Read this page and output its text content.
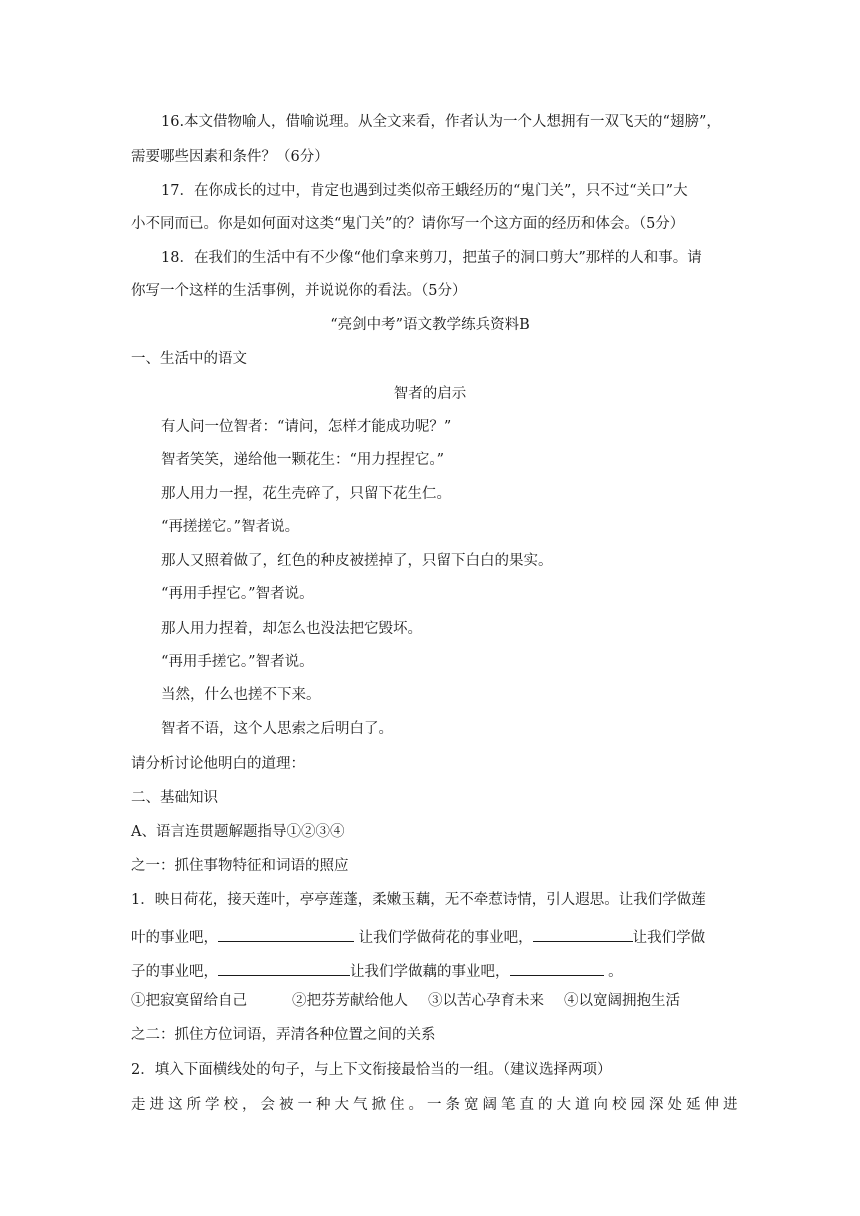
16.本文借物喻人，借喻说理。从全文来看，作者认为一个人想拥有一双飞天的“翅膀”，
需要哪些因素和条件？（6分）
17．在你成长的过中，肯定也遇到过类似帝王蛾经历的“鬼门关”，只不过“关口”大
小不同而已。你是如何面对这类“鬼门关”的？请你写一个这方面的经历和体会。（5分）
18．在我们的生活中有不少像“他们拿来剪刀，把茧子的洞口剪大”那样的人和事。请
你写一个这样的生活事例，并说说你的看法。（5分）
“亮剑中考”语文教学练兵资料B
一、生活中的语文
智者的启示
有人问一位智者：“请问，怎样才能成功呢？”
智者笑笑，递给他一颗花生：“用力捏捏它。”
那人用力一捏，花生壳碎了，只留下花生仁。
“再搓搓它。”智者说。
那人又照着做了，红色的种皮被搓掉了，只留下白白的果实。
“再用手捏它。”智者说。
那人用力捏着，却怎么也没法把它毁坏。
“再用手搓它。”智者说。
当然，什么也搓不下来。
智者不语，这个人思索之后明白了。
请分析讨论他明白的道理：
二、基础知识
A、语言连贯题解题指导①②③④
之一：抓住事物特征和词语的照应
1．映日荷花，接天莲叶，亭亭莲蓬，柔嫩玉藕，无不牵惹诗情，引人遐思。让我们学做莲
叶的事业吧，	让我们学做荷花的事业吧，	让我们学做
子的事业吧，	让我们学做藕的事业吧，	。
①把寂寞留给自己	②把芬芳献给他人 ③以苦心孕育未来 ④以宽阔拥抱生活
之二：抓住方位词语，弄清各种位置之间的关系
2．填入下面横线处的句子，与上下文衔接最恰当的一组。（建议选择两项）
走进这所学校，会被一种大气掀住。一条宽阔笔直的大道向校园深处延伸进
